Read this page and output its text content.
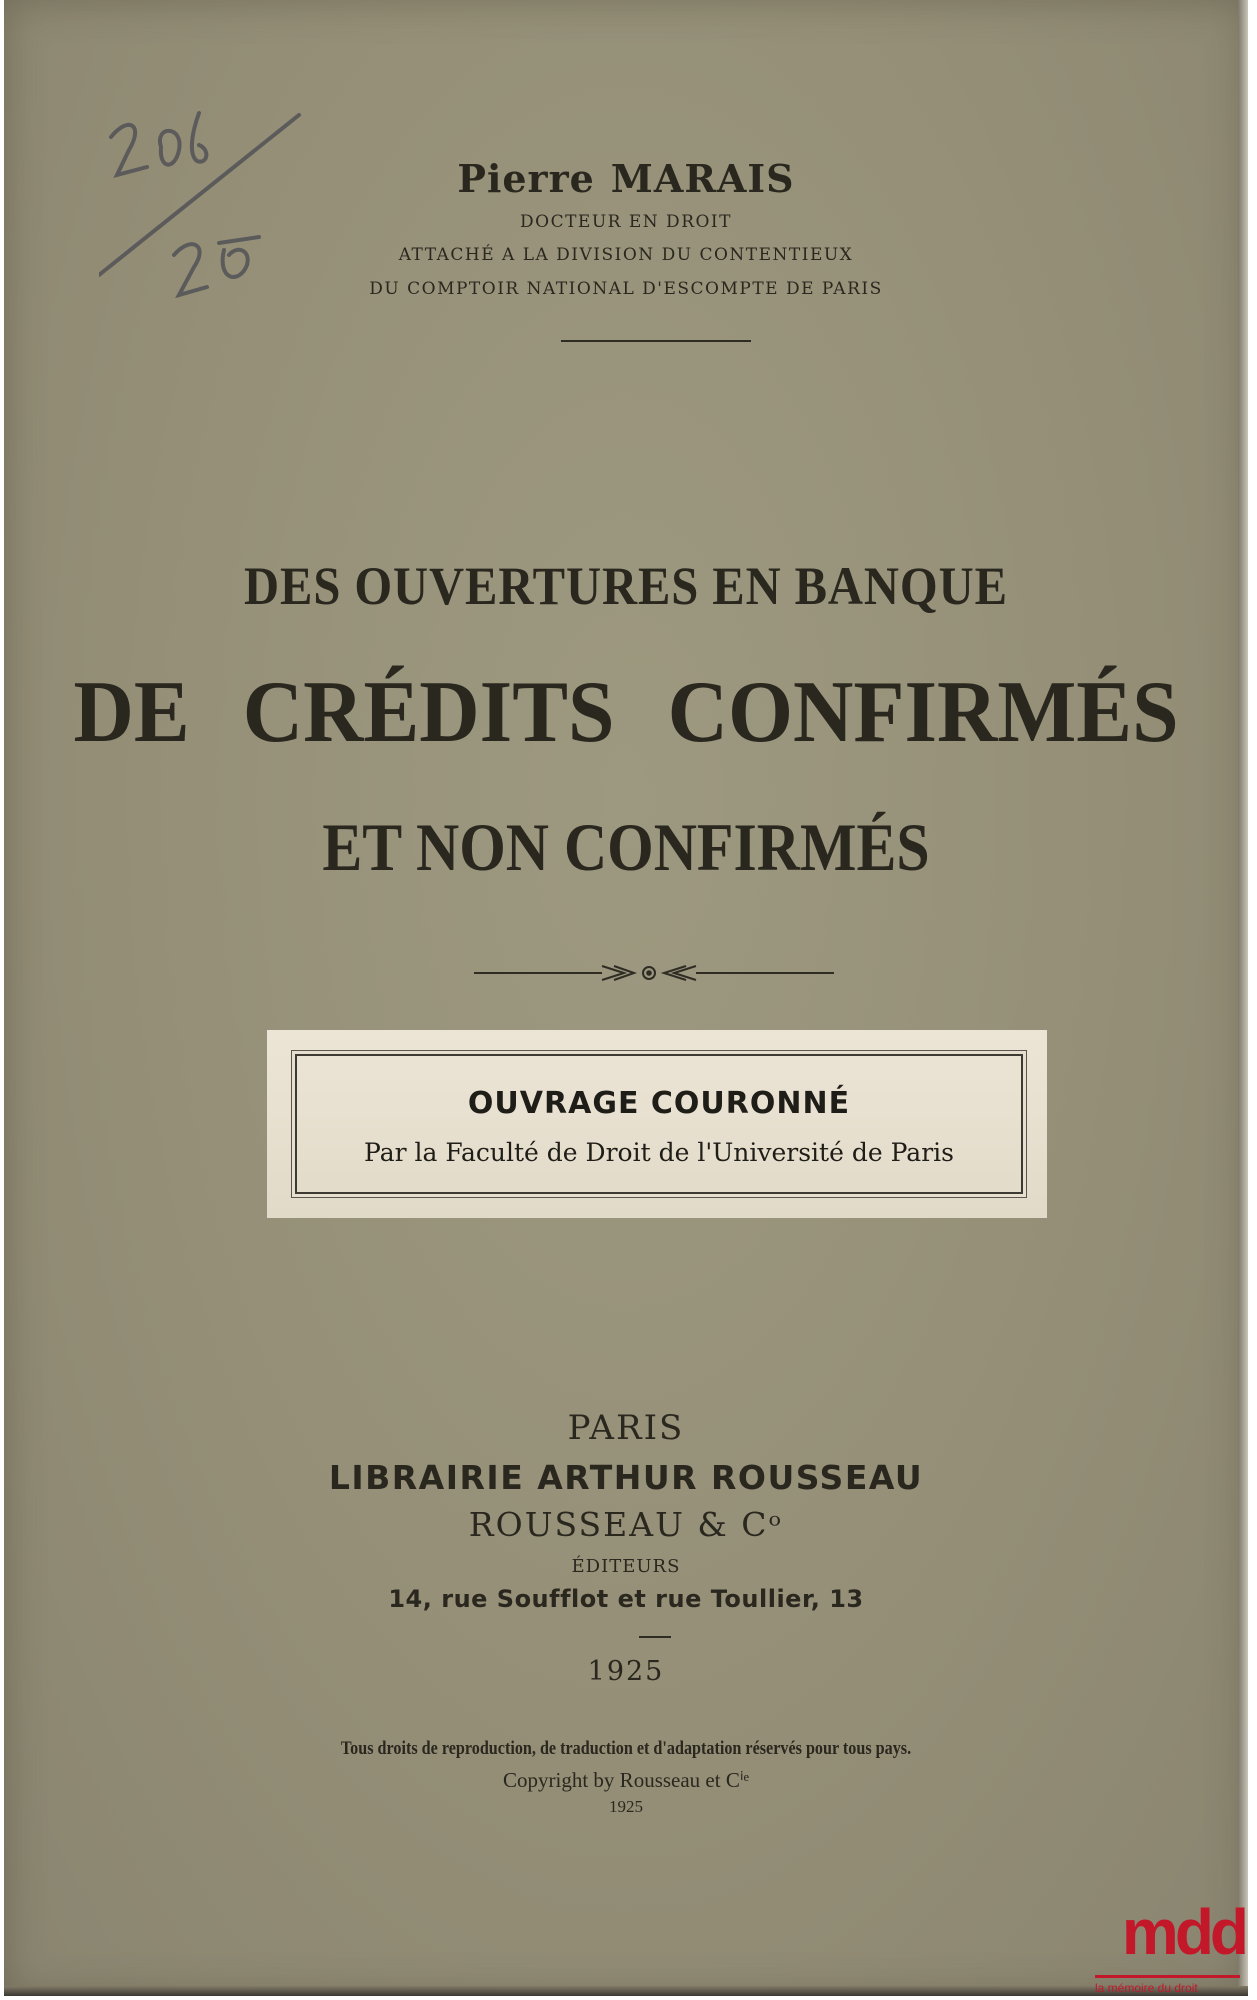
Pierre MARAIS
DOCTEUR EN DROIT
ATTACHÉ A LA DIVISION DU CONTENTIEUX
DU COMPTOIR NATIONAL D'ESCOMPTE DE PARIS
DES OUVERTURES EN BANQUE
DE CRÉDITS CONFIRMÉS
ET NON CONFIRMÉS
OUVRAGE COURONNÉ
Par la Faculté de Droit de l'Université de Paris
PARIS
LIBRAIRIE ARTHUR ROUSSEAU
ROUSSEAU & Cᵒ
ÉDITEURS
14, rue Soufflot et rue Toullier, 13
1925
Tous droits de reproduction, de traduction et d'adaptation réservés pour tous pays.
Copyright by Rousseau et Cⁱᵉ
1925
mdd
la mémoire du droit
